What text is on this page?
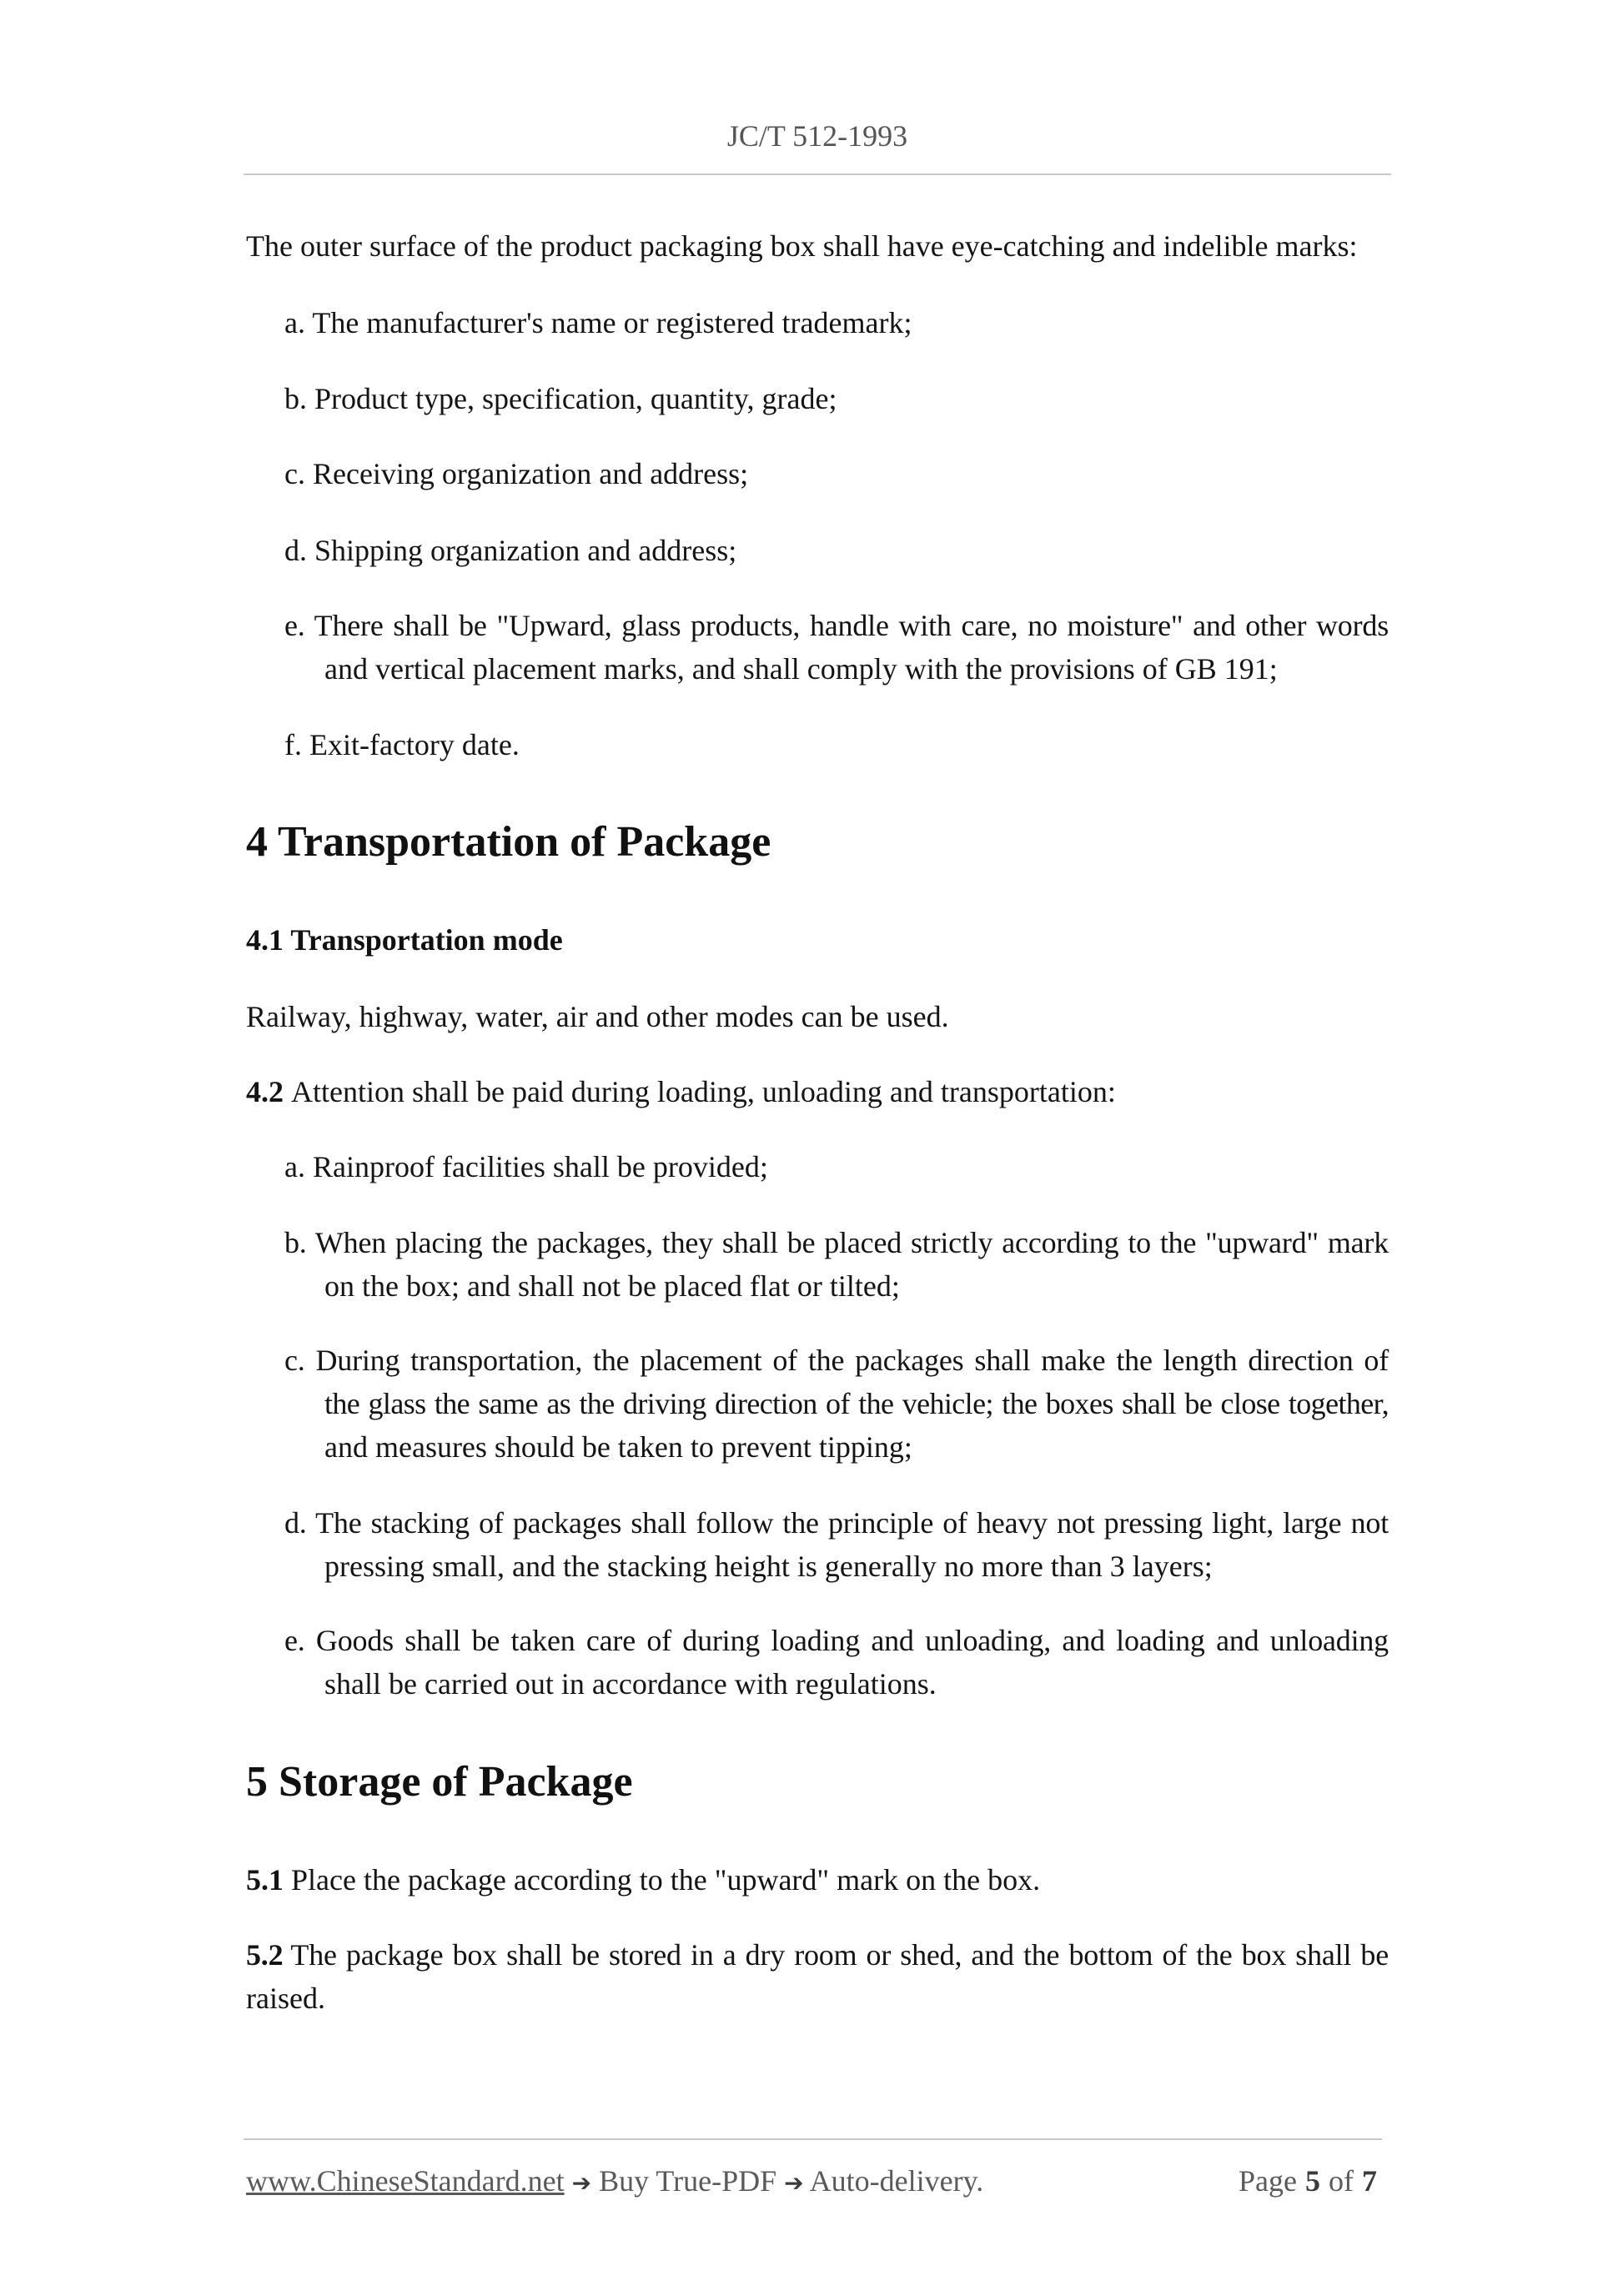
JC/T 512-1993
The outer surface of the product packaging box shall have eye-catching and indelible marks:
a. The manufacturer's name or registered trademark;
b. Product type, specification, quantity, grade;
c. Receiving organization and address;
d. Shipping organization and address;
e. There shall be "Upward, glass products, handle with care, no moisture" and other words
and vertical placement marks, and shall comply with the provisions of GB 191;
f. Exit-factory date.
4 Transportation of Package
4.1 Transportation mode
Railway, highway, water, air and other modes can be used.
4.2 Attention shall be paid during loading, unloading and transportation:
a. Rainproof facilities shall be provided;
b. When placing the packages, they shall be placed strictly according to the "upward" mark
on the box; and shall not be placed flat or tilted;
c. During transportation, the placement of the packages shall make the length direction of
the glass the same as the driving direction of the vehicle; the boxes shall be close together,
and measures should be taken to prevent tipping;
d. The stacking of packages shall follow the principle of heavy not pressing light, large not
pressing small, and the stacking height is generally no more than 3 layers;
e. Goods shall be taken care of during loading and unloading, and loading and unloading
shall be carried out in accordance with regulations.
5 Storage of Package
5.1 Place the package according to the "upward" mark on the box.
5.2 The package box shall be stored in a dry room or shed, and the bottom of the box shall be
raised.
www.ChineseStandard.net ➔ Buy True-PDF ➔ Auto-delivery.	Page 5 of 7
